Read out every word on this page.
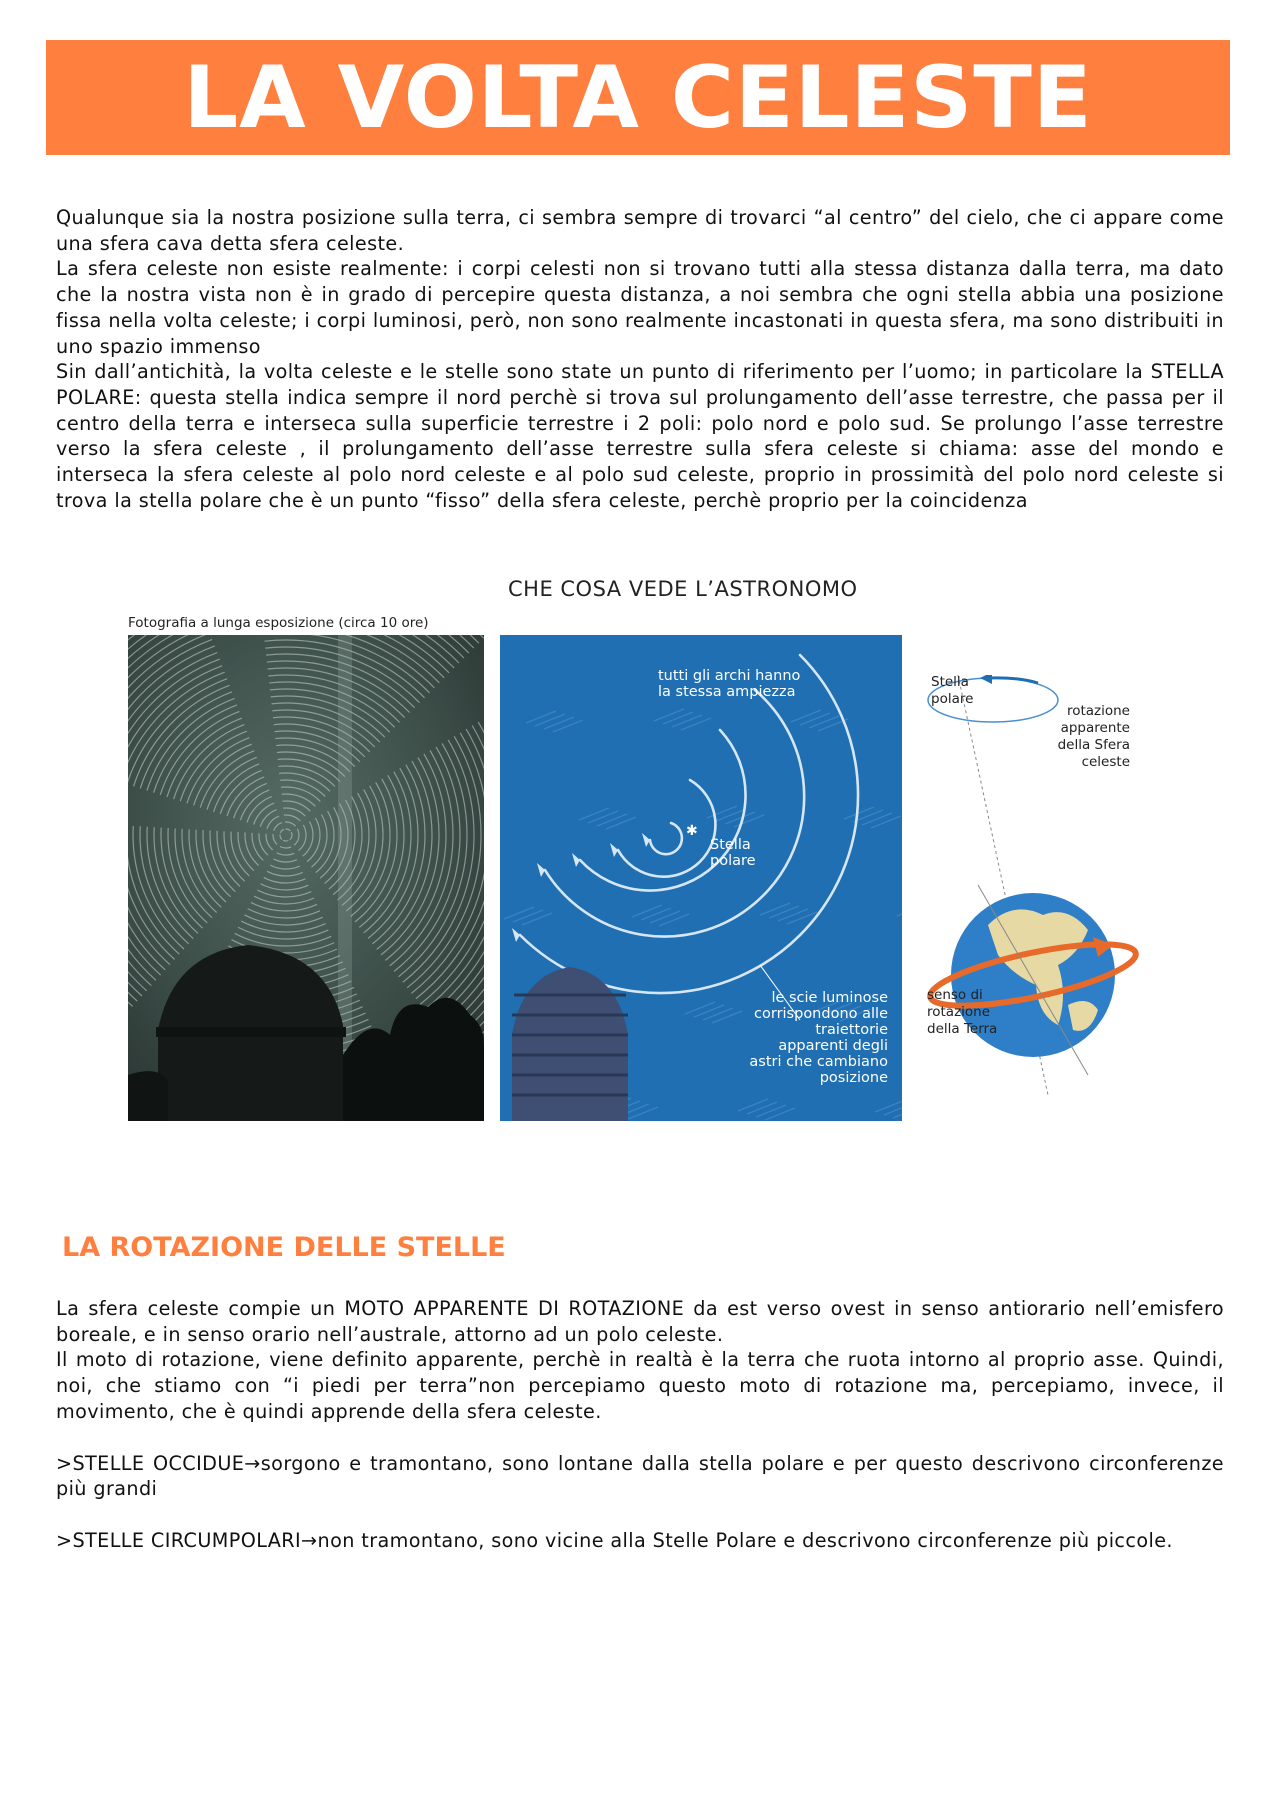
LA VOLTA CELESTE

Qualunque sia la nostra posizione sulla terra, ci sembra sempre di trovarci “al centro” del cielo, che ci appare come una sfera cava detta sfera celeste.

La sfera celeste non esiste realmente: i corpi celesti non si trovano tutti alla stessa distanza dalla terra, ma dato che la nostra vista non è in grado di percepire questa distanza, a noi sembra che ogni stella abbia una posizione fissa nella volta celeste; i corpi luminosi, però, non sono realmente incastonati in questa sfera, ma sono distribuiti in uno spazio immenso

Sin dall’antichità, la volta celeste e le stelle sono state un punto di riferimento per l’uomo; in particolare la STELLA POLARE: questa stella indica sempre il nord perchè si trova sul prolungamento dell’asse terrestre, che passa per il centro della terra e interseca sulla superficie terrestre i 2 poli: polo nord e polo sud. Se prolungo l’asse terrestre verso la sfera celeste , il prolungamento dell’asse terrestre sulla sfera celeste si chiama: asse del mondo e interseca la sfera celeste al polo nord celeste e al polo sud celeste, proprio in prossimità del polo nord celeste si trova la stella polare che è un punto “fisso” della sfera celeste, perchè proprio per la coincidenza

CHE COSA VEDE L’ASTRONOMO
Fotografia a lunga esposizione (circa 10 ore)
✱
tutti gli archi hanno
la stessa ampiezza
Stella
polare
le scie luminose
corrispondono alle
traiettorie apparenti degli
astri che cambiano posizione
Stella
polare
rotazione
apparente
della Sfera
celeste
senso di
rotazione
della Terra
LA ROTAZIONE DELLE STELLE

La sfera celeste compie un MOTO APPARENTE DI ROTAZIONE da est verso ovest in senso antiorario nell’emisfero boreale, e in senso orario nell’australe, attorno ad un polo celeste.

Il moto di rotazione, viene definito apparente, perchè in realtà è la terra che ruota intorno al proprio asse. Quindi, noi, che stiamo con “i piedi per terra”non percepiamo questo moto di rotazione ma, percepiamo, invece, il movimento, che è quindi apprende della sfera celeste.

>STELLE OCCIDUE→sorgono e tramontano, sono lontane dalla stella polare e per questo descrivono circonferenze più grandi

>STELLE CIRCUMPOLARI→non tramontano, sono vicine alla Stelle Polare e descrivono circonferenze più piccole.
